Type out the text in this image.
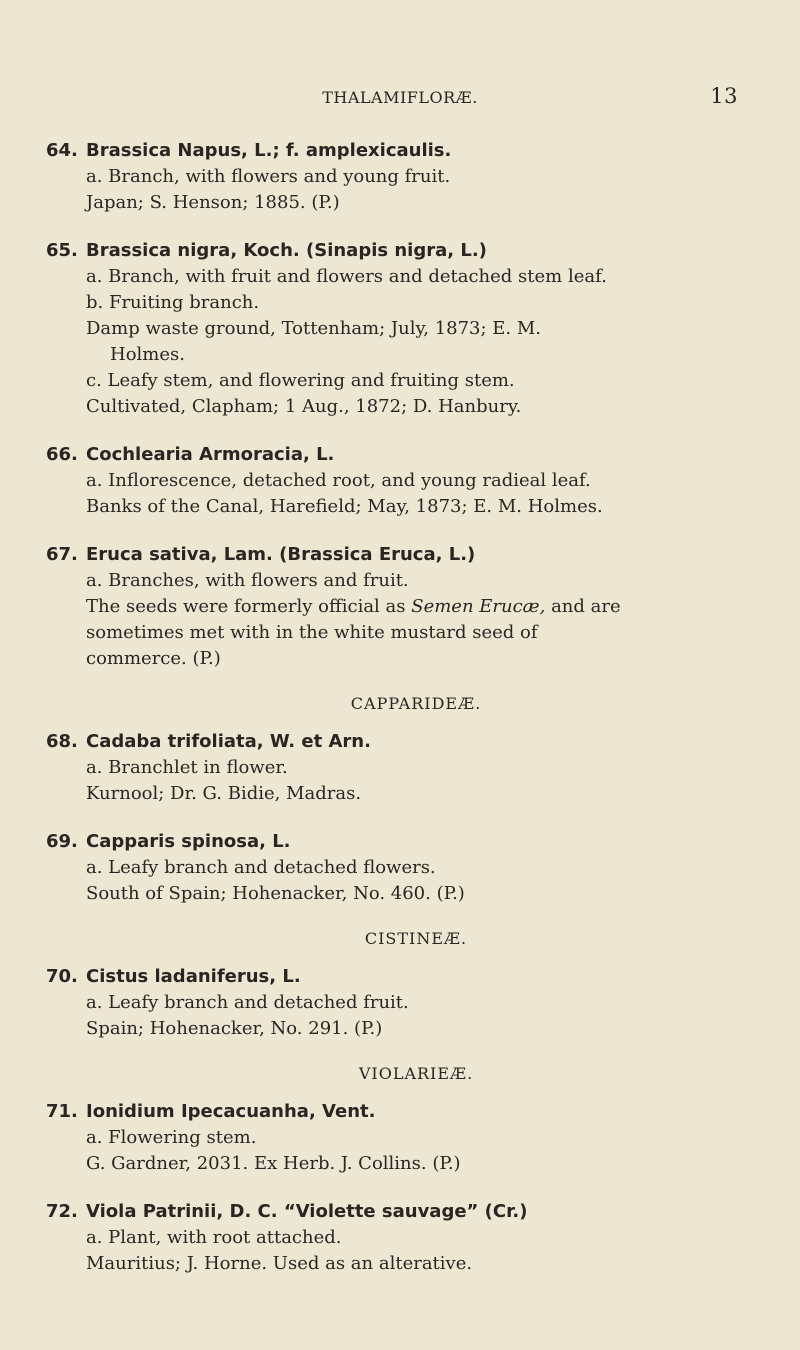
THALAMIFLORÆ.	13
64. Brassica Napus, L.; f. amplexicaulis.
a. Branch, with flowers and young fruit.
Japan; S. Henson; 1885. (P.)
65. Brassica nigra, Koch. (Sinapis nigra, L.)
a. Branch, with fruit and flowers and detached stem leaf.
b. Fruiting branch.
Damp waste ground, Tottenham; July, 1873; E. M.
Holmes.
c. Leafy stem, and flowering and fruiting stem.
Cultivated, Clapham; 1 Aug., 1872; D. Hanbury.
66. Cochlearia Armoracia, L.
a. Inflorescence, detached root, and young radieal leaf.
Banks of the Canal, Harefield; May, 1873; E. M. Holmes.
67. Eruca sativa, Lam. (Brassica Eruca, L.)
a. Branches, with flowers and fruit.
The seeds were formerly official as Semen Erucæ, and are
sometimes met with in the white mustard seed of
commerce. (P.)
CAPPARIDEÆ.
68. Cadaba trifoliata, W. et Arn.
a. Branchlet in flower.
Kurnool; Dr. G. Bidie, Madras.
69. Capparis spinosa, L.
a. Leafy branch and detached flowers.
South of Spain; Hohenacker, No. 460. (P.)
CISTINEÆ.
70. Cistus ladaniferus, L.
a. Leafy branch and detached fruit.
Spain; Hohenacker, No. 291. (P.)
VIOLARIEÆ.
71. Ionidium Ipecacuanha, Vent.
a. Flowering stem.
G. Gardner, 2031. Ex Herb. J. Collins. (P.)
72. Viola Patrinii, D. C. “Violette sauvage” (Cr.)
a. Plant, with root attached.
Mauritius; J. Horne. Used as an alterative.
